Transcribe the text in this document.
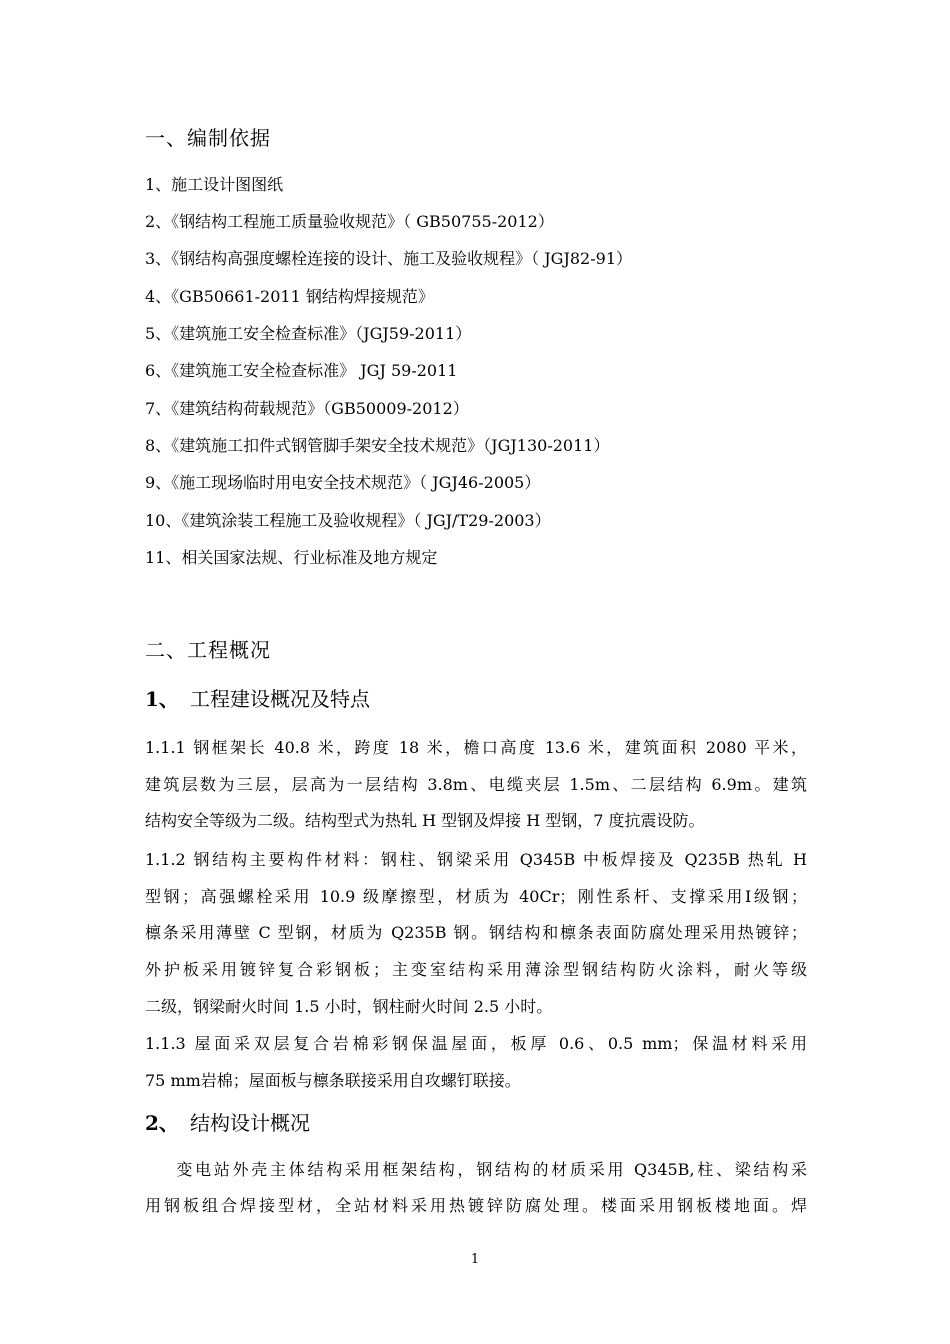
一、编制依据
1、施工设计图图纸
2、《钢结构工程施工质量验收规范》（ GB50755-2012）
3、《钢结构高强度螺栓连接的设计、施工及验收规程》（ JGJ82-91）
4、《GB50661-2011 钢结构焊接规范》
5、《建筑施工安全检查标准》（JGJ59-2011）
6、《建筑施工安全检查标准》 JGJ 59-2011
7、《建筑结构荷载规范》（GB50009-2012）
8、《建筑施工扣件式钢管脚手架安全技术规范》（JGJ130-2011）
9、《施工现场临时用电安全技术规范》（ JGJ46-2005）
10、《建筑涂装工程施工及验收规程》（ JGJ/T29-2003）
11、相关国家法规、行业标准及地方规定
二、工程概况
1、 工程建设概况及特点
1.1.1 钢框架长 40.8 米，跨度 18 米，檐口高度 13.6 米，建筑面积 2080 平米，
建筑层数为三层，层高为一层结构 3.8m、电缆夹层 1.5m、二层结构 6.9m。建筑
结构安全等级为二级。结构型式为热轧 H 型钢及焊接 H 型钢，7 度抗震设防。
1.1.2 钢结构主要构件材料：钢柱、钢梁采用 Q345B 中板焊接及 Q235B 热轧 H
型钢；高强螺栓采用 10.9 级摩擦型，材质为 40Cr；刚性系杆、支撑采用Ⅰ级钢；
檩条采用薄壁 C 型钢，材质为 Q235B 钢。钢结构和檩条表面防腐处理采用热镀锌；
外护板采用镀锌复合彩钢板；主变室结构采用薄涂型钢结构防火涂料，耐火等级
二级，钢梁耐火时间 1.5 小时，钢柱耐火时间 2.5 小时。
1.1.3 屋面采双层复合岩棉彩钢保温屋面，板厚 0.6、0.5 mm；保温材料采用
75 mm岩棉；屋面板与檩条联接采用自攻螺钉联接。
2、 结构设计概况
变电站外壳主体结构采用框架结构，钢结构的材质采用 Q345B,柱、梁结构采
用钢板组合焊接型材，全站材料采用热镀锌防腐处理。楼面采用钢板楼地面。焊
1
